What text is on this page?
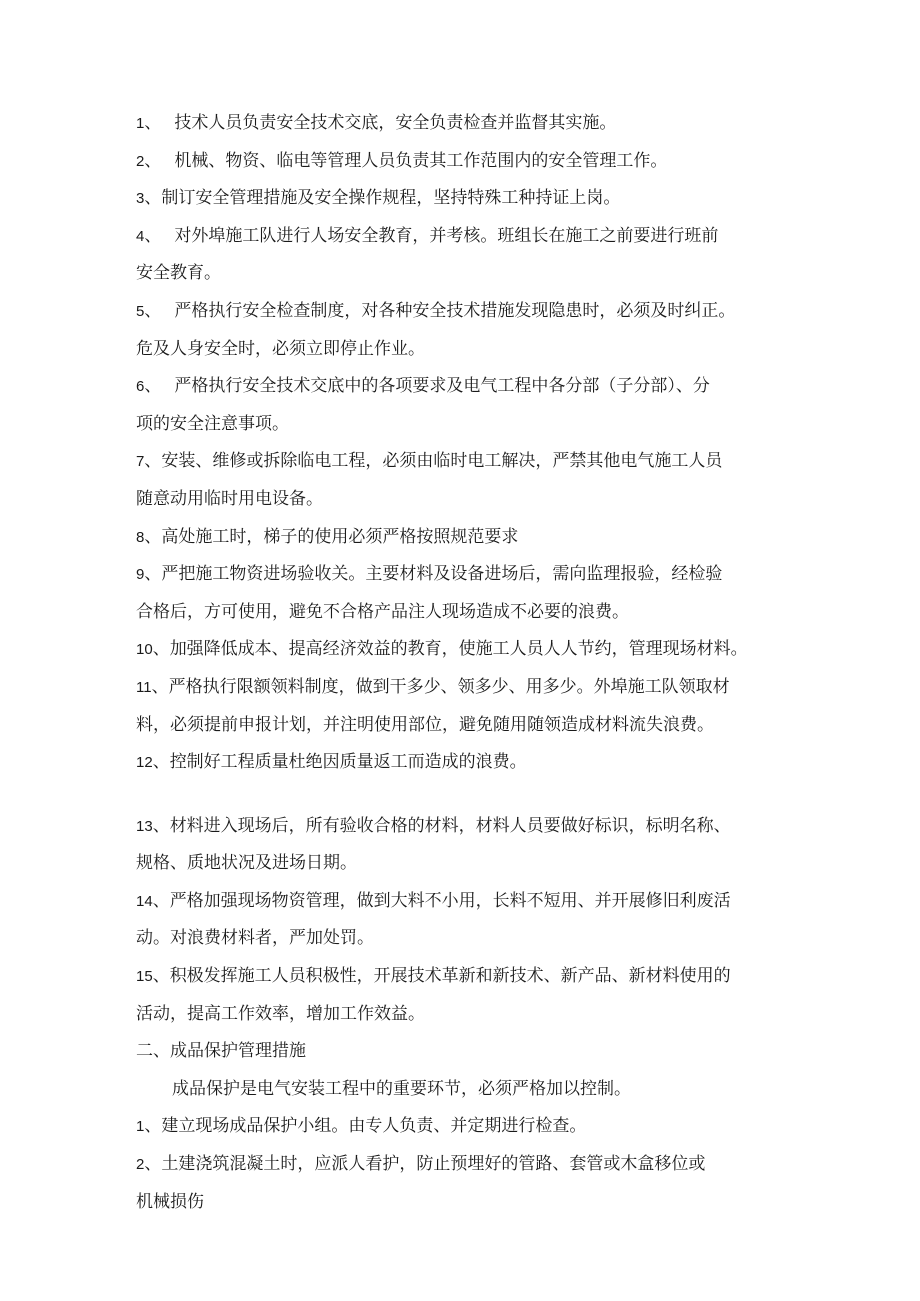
1、 技术人员负责安全技术交底，安全负责检查并监督其实施。
2、 机械、物资、临电等管理人员负责其工作范围内的安全管理工作。
3、制订安全管理措施及安全操作规程，坚持特殊工种持证上岗。
4、 对外埠施工队进行人场安全教育，并考核。班组长在施工之前要进行班前
安全教育。
5、 严格执行安全检查制度，对各种安全技术措施发现隐患时，必须及时纠正。
危及人身安全时，必须立即停止作业。
6、 严格执行安全技术交底中的各项要求及电气工程中各分部（子分部）、分
项的安全注意事项。
7、安装、维修或拆除临电工程，必须由临时电工解决，严禁其他电气施工人员
随意动用临时用电设备。
8、高处施工时，梯子的使用必须严格按照规范要求
9、严把施工物资进场验收关。主要材料及设备进场后，需向监理报验，经检验
合格后，方可使用，避免不合格产品注人现场造成不必要的浪费。
10、加强降低成本、提高经济效益的教育，使施工人员人人节约，管理现场材料。
11、严格执行限额领料制度，做到干多少、领多少、用多少。外埠施工队领取材
料，必须提前申报计划，并注明使用部位，避免随用随领造成材料流失浪费。
12、控制好工程质量杜绝因质量返工而造成的浪费。
13、材料进入现场后，所有验收合格的材料，材料人员要做好标识，标明名称、
规格、质地状况及进场日期。
14、严格加强现场物资管理，做到大料不小用，长料不短用、并开展修旧利废活
动。对浪费材料者，严加处罚。
15、积极发挥施工人员积极性，开展技术革新和新技术、新产品、新材料使用的
活动，提高工作效率，增加工作效益。
二、成品保护管理措施
成品保护是电气安装工程中的重要环节，必须严格加以控制。
1、建立现场成品保护小组。由专人负责、并定期进行检查。
2、土建浇筑混凝土时，应派人看护，防止预埋好的管路、套管或木盒移位或
机械损伤
